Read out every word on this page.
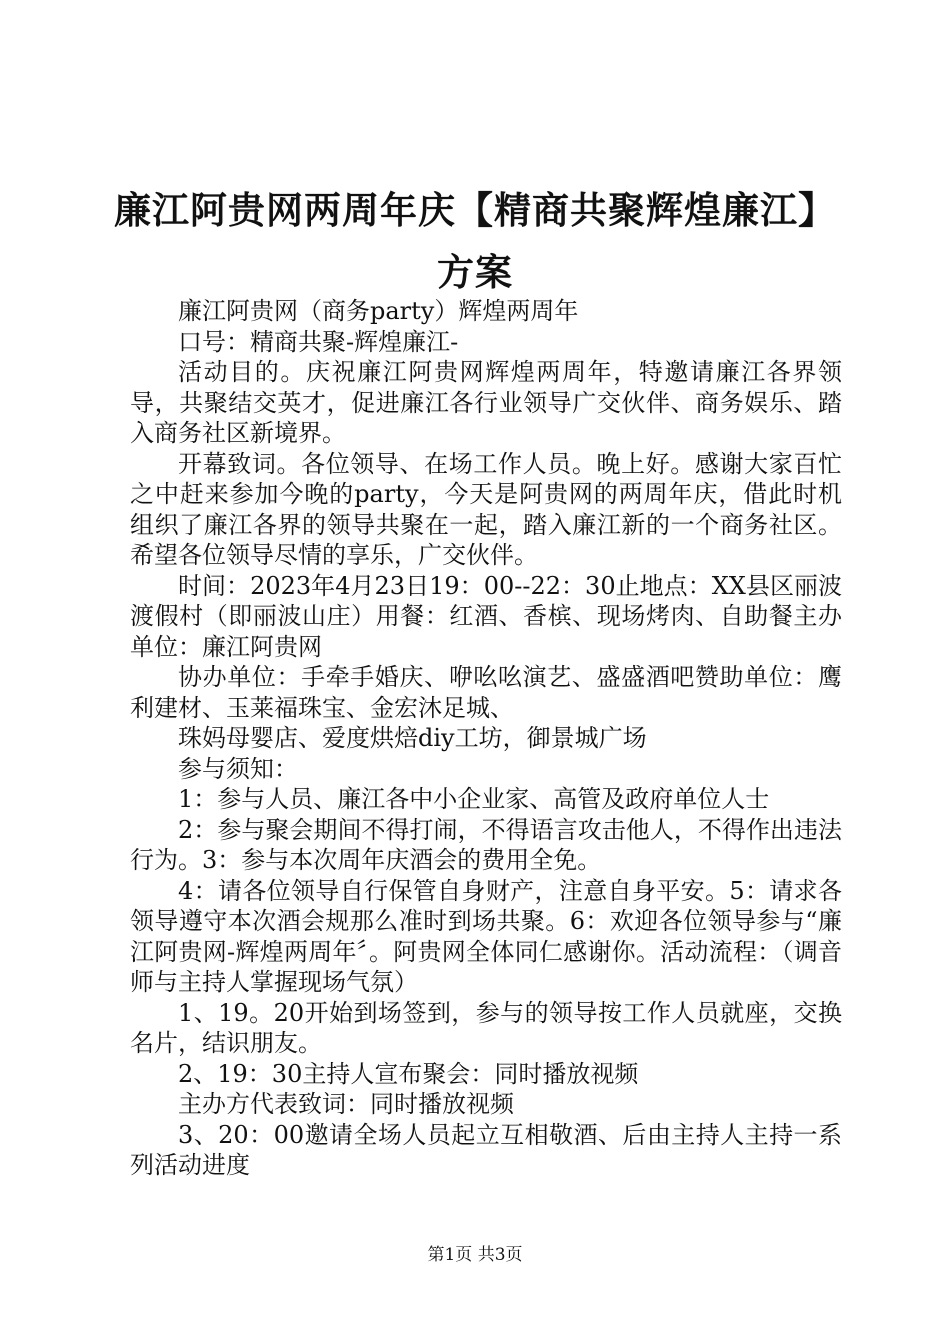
廉江阿贵网两周年庆【精商共聚辉煌廉江】方案

廉江阿贵网（商务party）辉煌两周年

口号：精商共聚-辉煌廉江-

活动目的。庆祝廉江阿贵网辉煌两周年，特邀请廉江各界领导，共聚结交英才，促进廉江各行业领导广交伙伴、商务娱乐、踏入商务社区新境界。

开幕致词。各位领导、在场工作人员。晚上好。感谢大家百忙之中赶来参加今晚的party，今天是阿贵网的两周年庆，借此时机组织了廉江各界的领导共聚在一起，踏入廉江新的一个商务社区。希望各位领导尽情的享乐，广交伙伴。

时间：2023年4月23日19：00--22：30止地点：XX县区丽波渡假村（即丽波山庄）用餐：红酒、香槟、现场烤肉、自助餐主办单位：廉江阿贵网

协办单位：手牵手婚庆、咿吆吆演艺、盛盛酒吧赞助单位：鹰利建材、玉莱福珠宝、金宏沐足城、

珠妈母婴店、爱度烘焙diy工坊，御景城广场

参与须知：

1：参与人员、廉江各中小企业家、高管及政府单位人士

2：参与聚会期间不得打闹，不得语言攻击他人，不得作出违法行为。3：参与本次周年庆酒会的费用全免。

4：请各位领导自行保管自身财产，注意自身平安。5：请求各领导遵守本次酒会规那么准时到场共聚。6：欢迎各位领导参与“廉江阿贵网-辉煌两周年〞。阿贵网全体同仁感谢你。活动流程：（调音师与主持人掌握现场气氛）

1、19。20开始到场签到，参与的领导按工作人员就座，交换名片，结识朋友。

2、19：30主持人宣布聚会：同时播放视频

主办方代表致词：同时播放视频

3、20：00邀请全场人员起立互相敬酒、后由主持人主持一系列活动进度

第1页 共3页
